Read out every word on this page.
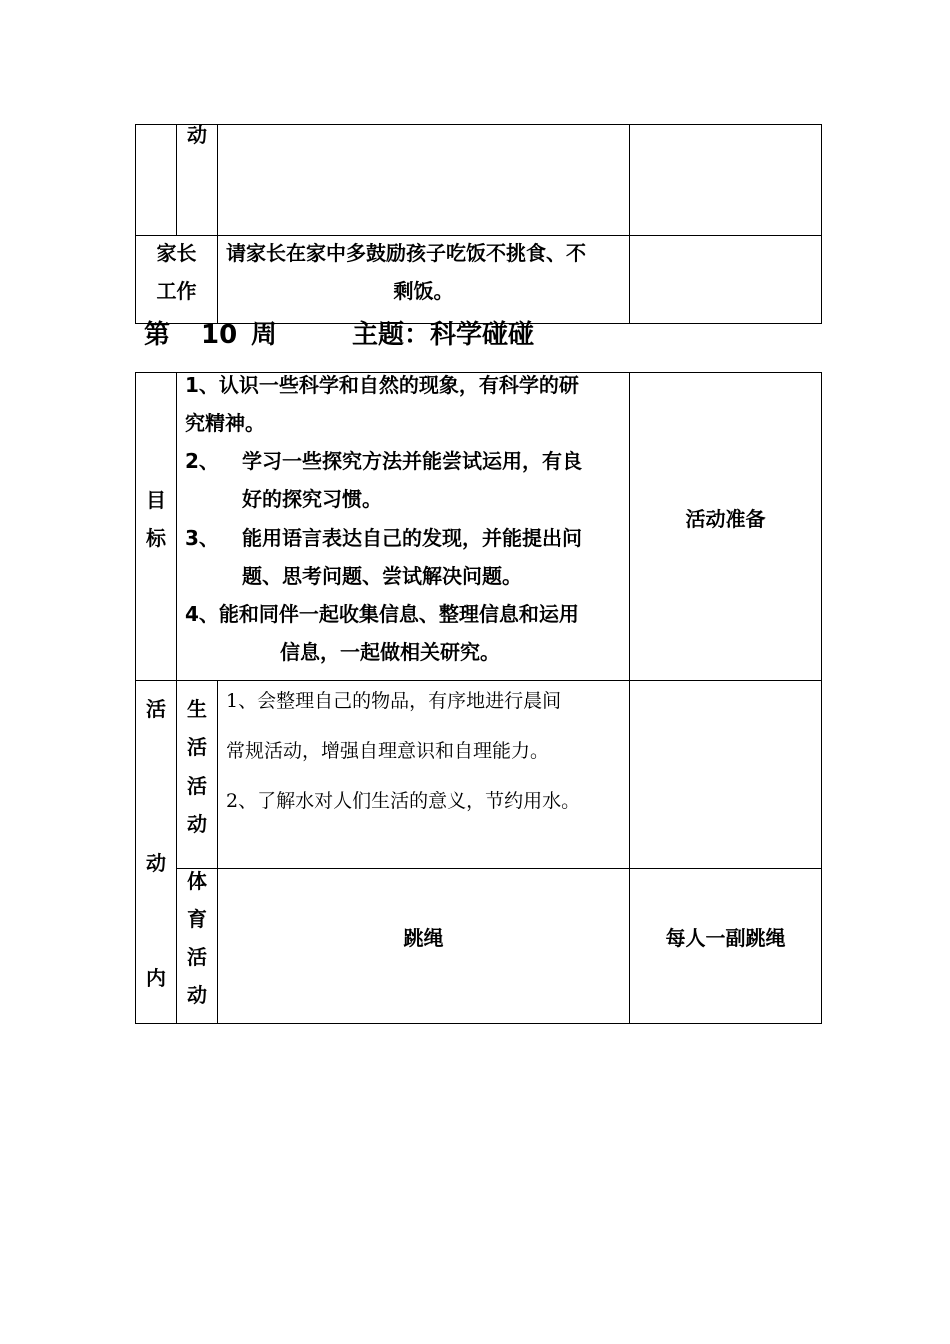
动
家长
工作
请家长在家中多鼓励孩子吃饭不挑食、不
剩饭。
第 10 周	主题：科学碰碰
目
标
1、认识一些科学和自然的现象，有科学的研
究精神。
2、 学习一些探究方法并能尝试运用，有良
好的探究习惯。
3、 能用语言表达自己的发现，并能提出问
题、思考问题、尝试解决问题。
4、能和同伴一起收集信息、整理信息和运用
信息，一起做相关研究。
活动准备
活
动
内
生
活
活
动
1、会整理自己的物品，有序地进行晨间
常规活动，增强自理意识和自理能力。
2、了解水对人们生活的意义，节约用水。
体
育
活
动
跳绳	每人一副跳绳
